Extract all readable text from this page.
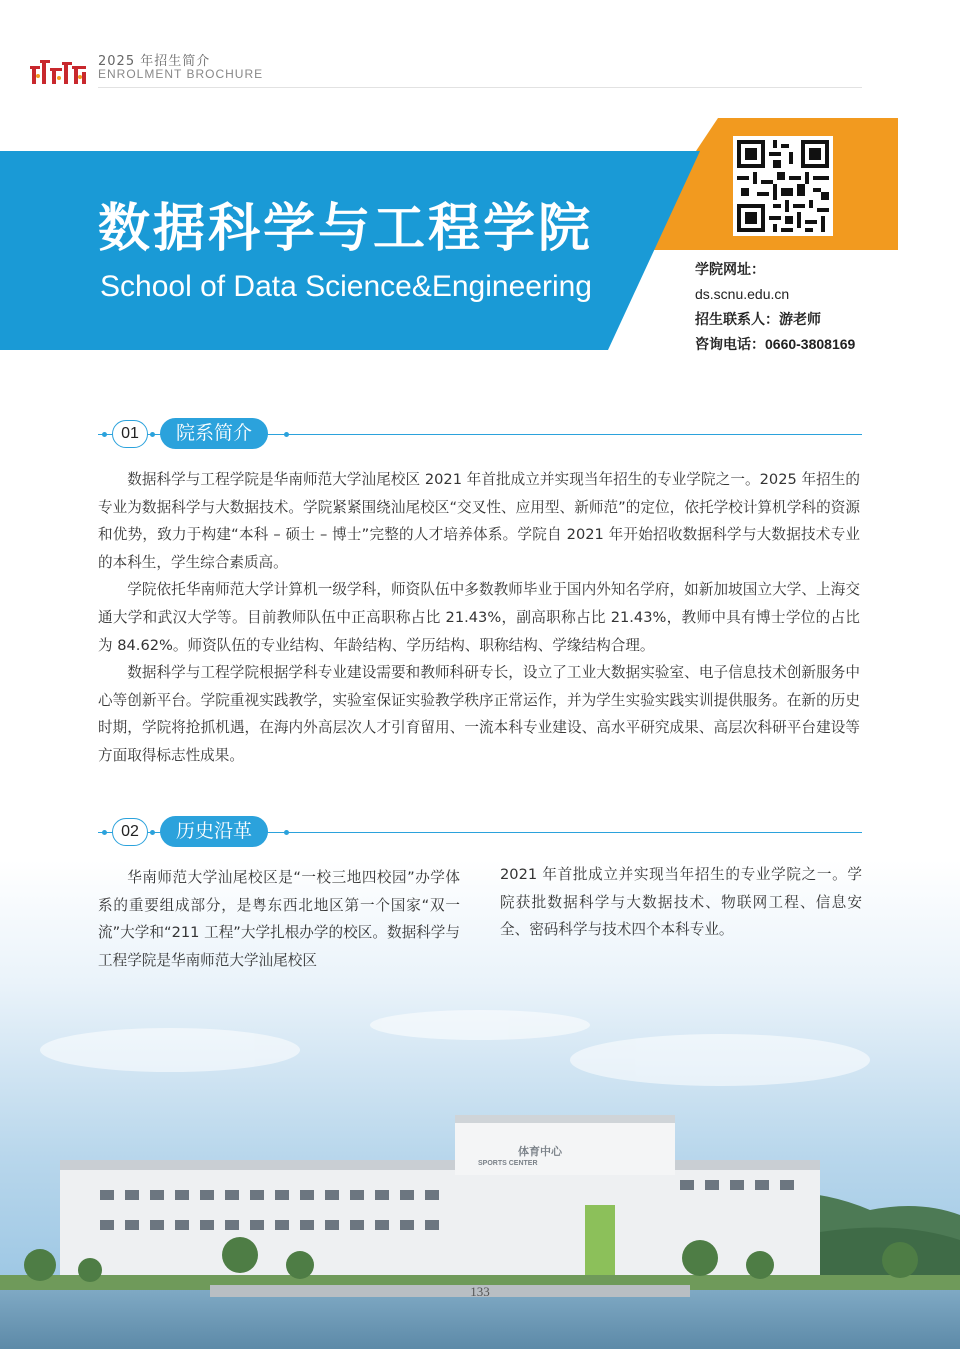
2025 年招生简介
ENROLMENT BROCHURE
数据科学与工程学院
School of Data Science&Engineering
学院网址：
ds.scnu.edu.cn
招生联系人：游老师
咨询电话：0660-3808169
01	院系简介

数据科学与工程学院是华南师范大学汕尾校区 2021 年首批成立并实现当年招生的专业学院之一。2025 年招生的专业为数据科学与大数据技术。学院紧紧围绕汕尾校区“交叉性、应用型、新师范”的定位，依托学校计算机学科的资源和优势，致力于构建“本科 – 硕士 – 博士”完整的人才培养体系。学院自 2021 年开始招收数据科学与大数据技术专业的本科生，学生综合素质高。

学院依托华南师范大学计算机一级学科，师资队伍中多数教师毕业于国内外知名学府，如新加坡国立大学、上海交通大学和武汉大学等。目前教师队伍中正高职称占比 21.43%，副高职称占比 21.43%，教师中具有博士学位的占比为 84.62%。师资队伍的专业结构、年龄结构、学历结构、职称结构、学缘结构合理。

数据科学与工程学院根据学科专业建设需要和教师科研专长，设立了工业大数据实验室、电子信息技术创新服务中心等创新平台。学院重视实践教学，实验室保证实验教学秩序正常运作，并为学生实验实践实训提供服务。在新的历史时期，学院将抢抓机遇，在海内外高层次人才引育留用、一流本科专业建设、高水平研究成果、高层次科研平台建设等方面取得标志性成果。

体育中心
SPORTS CENTER
02	历史沿革

华南师范大学汕尾校区是“一校三地四校园”办学体系的重要组成部分，是粤东西北地区第一个国家“双一流”大学和“211 工程”大学扎根办学的校区。数据科学与工程学院是华南师范大学汕尾校区

2021 年首批成立并实现当年招生的专业学院之一。学院获批数据科学与大数据技术、物联网工程、信息安全、密码科学与技术四个本科专业。
133
